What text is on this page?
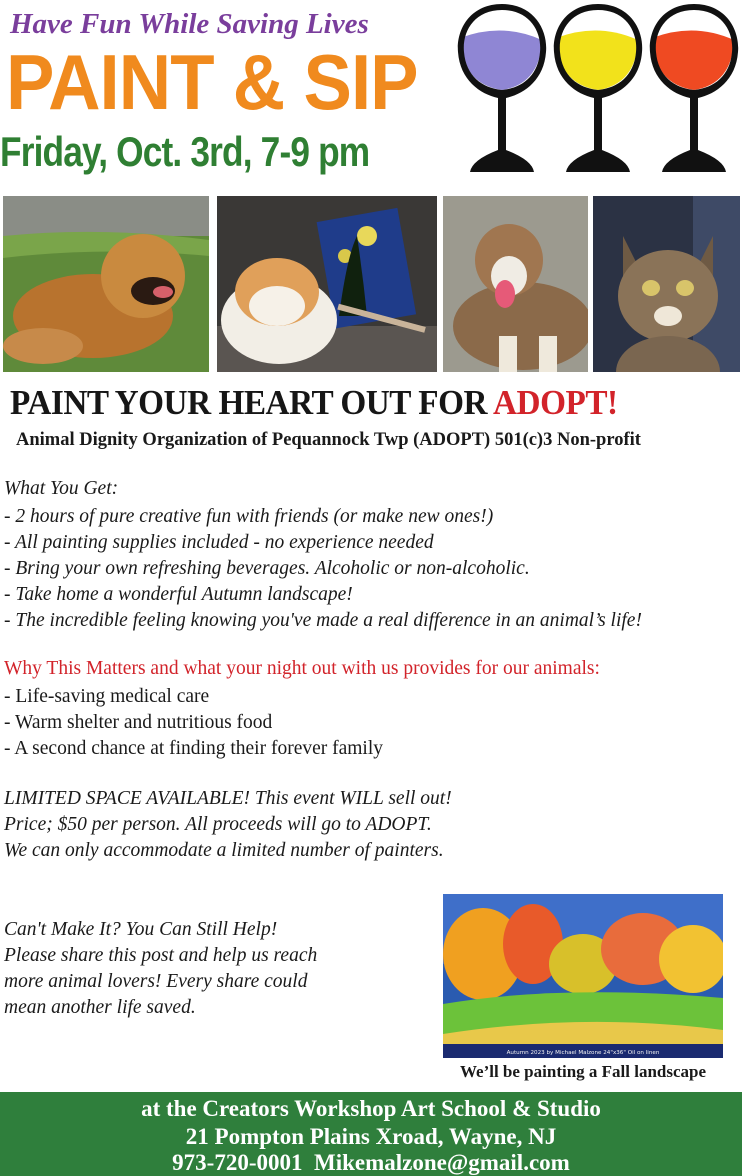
Have Fun While Saving Lives
PAINT & SIP
Friday, Oct. 3rd, 7-9 pm
PAINT YOUR HEART OUT FOR ADOPT!
Animal Dignity Organization of Pequannock Twp (ADOPT) 501(c)3 Non-profit
What You Get:
- 2 hours of pure creative fun with friends (or make new ones!)
- All painting supplies included - no experience needed
- Bring your own refreshing beverages. Alcoholic or non-alcoholic.
- Take home a wonderful Autumn landscape!
- The incredible feeling knowing you've made a real difference in an animal’s life!
Why This Matters and what your night out with us provides for our animals:
- Life-saving medical care
- Warm shelter and nutritious food
- A second chance at finding their forever family
LIMITED SPACE AVAILABLE! This event WILL sell out!
Price; $50 per person. All proceeds will go to ADOPT.
We can only accommodate a limited number of painters.
Can't Make It? You Can Still Help!
Please share this post and help us reach
more animal lovers! Every share could
mean another life saved.
Autumn 2023 by Michael Malzone 24"x36" Oil on linen
We’ll be painting a Fall landscape
at the Creators Workshop Art School & Studio
21 Pompton Plains Xroad, Wayne, NJ
973-720-0001 Mikemalzone@gmail.com
